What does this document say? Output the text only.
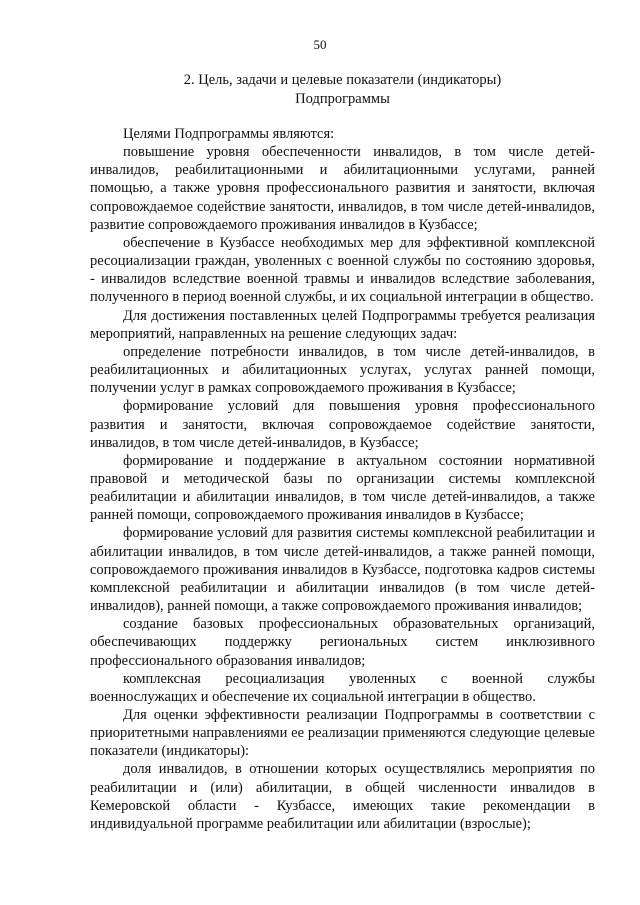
50
2. Цель, задачи и целевые показатели (индикаторы)
Подпрограммы

Целями Подпрограммы являются:

повышение уровня обеспеченности инвалидов, в том числе детей-инвалидов, реабилитационными и абилитационными услугами, ранней помощью, а также уровня профессионального развития и занятости, включая сопровождаемое содействие занятости, инвалидов, в том числе детей-инвалидов, развитие сопровождаемого проживания инвалидов в Кузбассе;

обеспечение в Кузбассе необходимых мер для эффективной комплексной ресоциализации граждан, уволенных с военной службы по состоянию здоровья, - инвалидов вследствие военной травмы и инвалидов вследствие заболевания, полученного в период военной службы, и их социальной интеграции в общество.

Для достижения поставленных целей Подпрограммы требуется реализация мероприятий, направленных на решение следующих задач:

определение потребности инвалидов, в том числе детей-инвалидов, в реабилитационных и абилитационных услугах, услугах ранней помощи, получении услуг в рамках сопровождаемого проживания в Кузбассе;

формирование условий для повышения уровня профессионального развития и занятости, включая сопровождаемое содействие занятости, инвалидов, в том числе детей-инвалидов, в Кузбассе;

формирование и поддержание в актуальном состоянии нормативной правовой и методической базы по организации системы комплексной реабилитации и абилитации инвалидов, в том числе детей-инвалидов, а также ранней помощи, сопровождаемого проживания инвалидов в Кузбассе;

формирование условий для развития системы комплексной реабилитации и абилитации инвалидов, в том числе детей-инвалидов, а также ранней помощи, сопровождаемого проживания инвалидов в Кузбассе, подготовка кадров системы комплексной реабилитации и абилитации инвалидов (в том числе детей-инвалидов), ранней помощи, а также сопровождаемого проживания инвалидов;

создание базовых профессиональных образовательных организаций, обеспечивающих поддержку региональных систем инклюзивного профессионального образования инвалидов;

комплексная ресоциализация уволенных с военной службы военнослужащих и обеспечение их социальной интеграции в общество.

Для оценки эффективности реализации Подпрограммы в соответствии с приоритетными направлениями ее реализации применяются следующие целевые показатели (индикаторы):

доля инвалидов, в отношении которых осуществлялись мероприятия по реабилитации и (или) абилитации, в общей численности инвалидов в Кемеровской области - Кузбассе, имеющих такие рекомендации в индивидуальной программе реабилитации или абилитации (взрослые);
